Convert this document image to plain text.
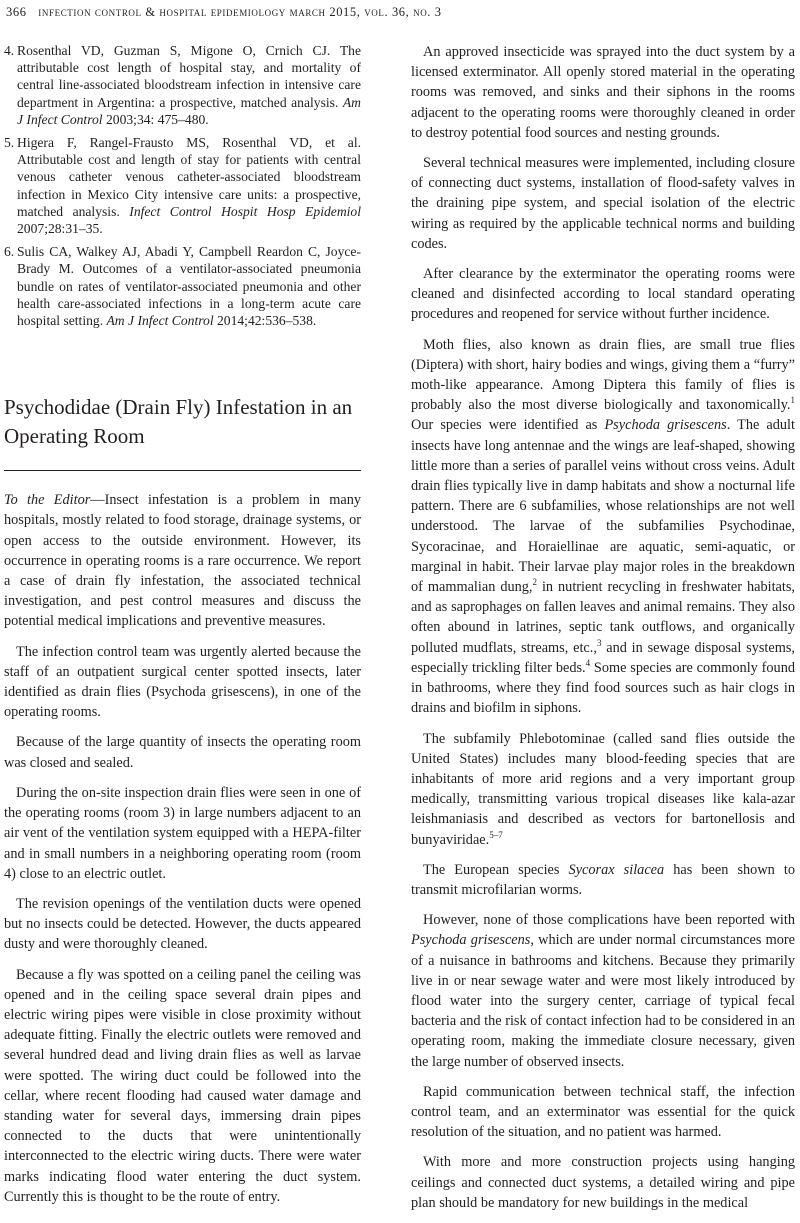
366 infection control & hospital epidemiology march 2015, vol. 36, no. 3
4. Rosenthal VD, Guzman S, Migone O, Crnich CJ. The attributable cost length of hospital stay, and mortality of central line-associated bloodstream infection in intensive care department in Argentina: a prospective, matched analysis. Am J Infect Control 2003;34: 475–480.
5. Higera F, Rangel-Frausto MS, Rosenthal VD, et al. Attributable cost and length of stay for patients with central venous catheter venous catheter-associated bloodstream infection in Mexico City intensive care units: a prospective, matched analysis. Infect Control Hospit Hosp Epidemiol 2007;28:31–35.
6. Sulis CA, Walkey AJ, Abadi Y, Campbell Reardon C, Joyce-Brady M. Outcomes of a ventilator-associated pneumonia bundle on rates of ventilator-associated pneumonia and other health care-associated infections in a long-term acute care hospital setting. Am J Infect Control 2014;42:536–538.
Psychodidae (Drain Fly) Infestation in an Operating Room

To the Editor—Insect infestation is a problem in many hospitals, mostly related to food storage, drainage systems, or open access to the outside environment. However, its occurrence in operating rooms is a rare occurrence. We report a case of drain fly infestation, the associated technical investigation, and pest control measures and discuss the potential medical implications and preventive measures.

The infection control team was urgently alerted because the staff of an outpatient surgical center spotted insects, later identified as drain flies (Psychoda grisescens), in one of the operating rooms.

Because of the large quantity of insects the operating room was closed and sealed.

During the on-site inspection drain flies were seen in one of the operating rooms (room 3) in large numbers adjacent to an air vent of the ventilation system equipped with a HEPA-filter and in small numbers in a neighboring operating room (room 4) close to an electric outlet.

The revision openings of the ventilation ducts were opened but no insects could be detected. However, the ducts appeared dusty and were thoroughly cleaned.

Because a fly was spotted on a ceiling panel the ceiling was opened and in the ceiling space several drain pipes and electric wiring pipes were visible in close proximity without adequate fitting. Finally the electric outlets were removed and several hundred dead and living drain flies as well as larvae were spotted. The wiring duct could be followed into the cellar, where recent flooding had caused water damage and standing water for several days, immersing drain pipes connected to the ducts that were unintentionally interconnected to the electric wiring ducts. There were water marks indicating flood water entering the duct system. Currently this is thought to be the route of entry.

An approved insecticide was sprayed into the duct system by a licensed exterminator. All openly stored material in the operating rooms was removed, and sinks and their siphons in the rooms adjacent to the operating rooms were thoroughly cleaned in order to destroy potential food sources and nesting grounds.

Several technical measures were implemented, including closure of connecting duct systems, installation of flood-safety valves in the draining pipe system, and special isolation of the electric wiring as required by the applicable technical norms and building codes.

After clearance by the exterminator the operating rooms were cleaned and disinfected according to local standard operating procedures and reopened for service without further incidence.

Moth flies, also known as drain flies, are small true flies (Diptera) with short, hairy bodies and wings, giving them a “furry” moth-like appearance. Among Diptera this family of flies is probably also the most diverse biologically and taxonomically.$^1$ Our species were identified as Psychoda grisescens. The adult insects have long antennae and the wings are leaf-shaped, showing little more than a series of parallel veins without cross veins. Adult drain flies typically live in damp habitats and show a nocturnal life pattern. There are 6 subfamilies, whose relationships are not well understood. The larvae of the subfamilies Psychodinae, Sycoracinae, and Horaiellinae are aquatic, semi-aquatic, or marginal in habit. Their larvae play major roles in the breakdown of mammalian dung,$^2$ in nutrient recycling in freshwater habitats, and as saprophages on fallen leaves and animal remains. They also often abound in latrines, septic tank outflows, and organically polluted mudflats, streams, etc.,$^3$ and in sewage disposal systems, especially trickling filter beds.$^4$ Some species are commonly found in bathrooms, where they find food sources such as hair clogs in drains and biofilm in siphons.

The subfamily Phlebotominae (called sand flies outside the United States) includes many blood-feeding species that are inhabitants of more arid regions and a very important group medically, transmitting various tropical diseases like kala-azar leishmaniasis and described as vectors for bartonellosis and bunyaviridae.$^{5-7}$

The European species Sycorax silacea has been shown to transmit microfilarian worms.

However, none of those complications have been reported with Psychoda grisescens, which are under normal circumstances more of a nuisance in bathrooms and kitchens. Because they primarily live in or near sewage water and were most likely introduced by flood water into the surgery center, carriage of typical fecal bacteria and the risk of contact infection had to be considered in an operating room, making the immediate closure necessary, given the large number of observed insects.

Rapid communication between technical staff, the infection control team, and an exterminator was essential for the quick resolution of the situation, and no patient was harmed.

With more and more construction projects using hanging ceilings and connected duct systems, a detailed wiring and pipe plan should be mandatory for new buildings in the medical
